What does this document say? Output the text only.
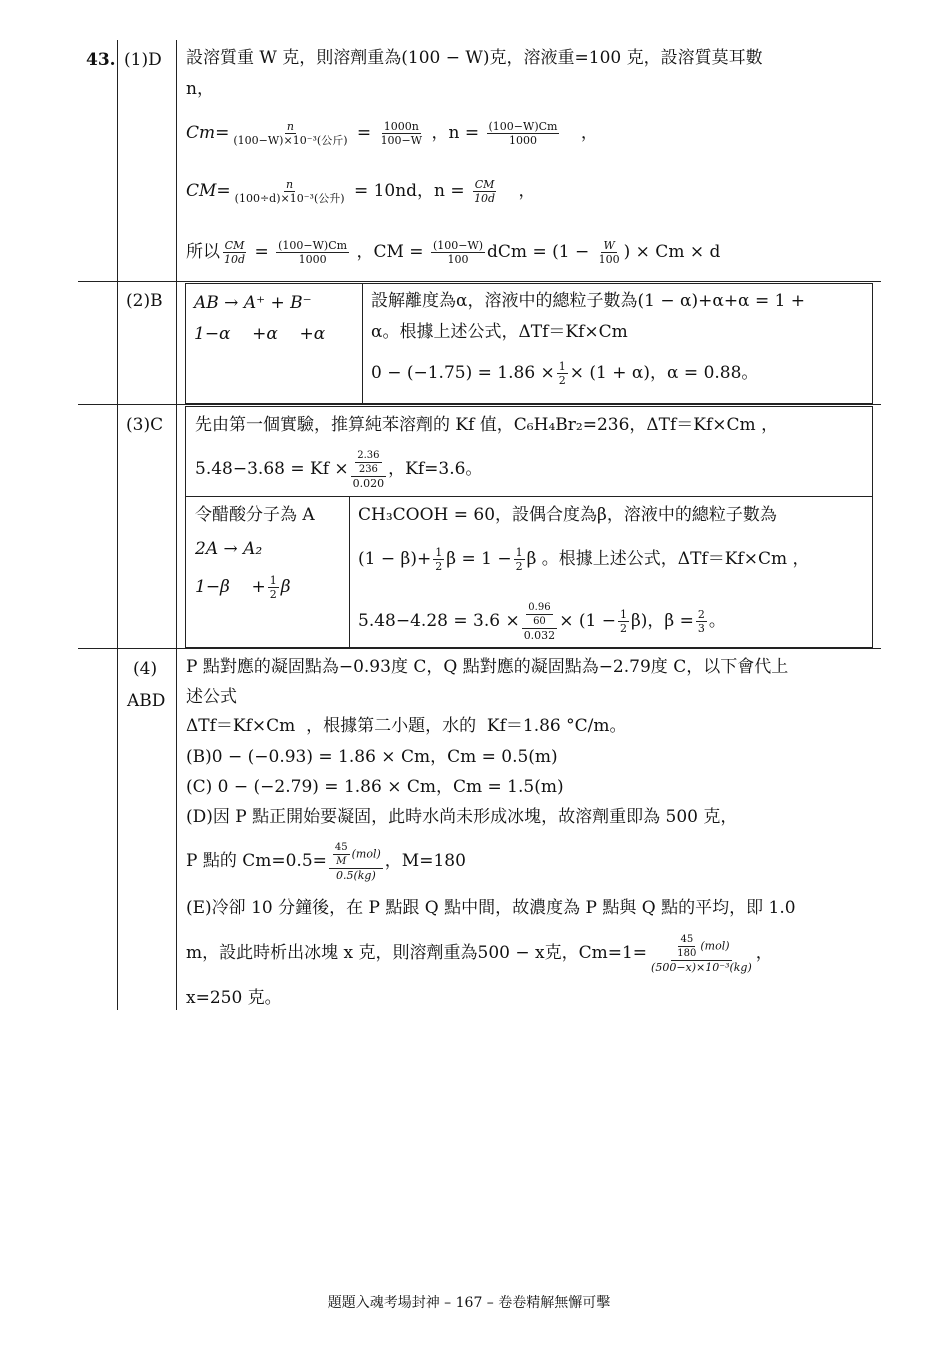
43. (1)D 設溶質重 W 克，則溶劑重為(100 − W)克，溶液重=100 克，設溶質莫耳數
n，
$Cm= \frac{n}{\text{(100−W)×10⁻³(公斤)}} = \frac{1000n}{100-W}$ ，$n = \frac{(100-W)Cm}{1000}$ ，
$CM= \frac{n}{\text{(100÷d)×10⁻³(公升)}} = 10nd$，$n = \frac{CM}{10d}$ ，
所以 $\frac{CM}{10d} = \frac{(100-W)Cm}{1000}$ ，CM = $\frac{(100-W)}{100}$ dCm = ($1 - \frac{W}{100}$ ) × Cm × d
(2)B AB → A⁺ + B⁻
1−α    +α    +α
設解離度為α，溶液中的總粒子數為(1 − α)+α+α = 1 +
α。根據上述公式，ΔTf＝Kf×Cm
$0 - (-1.75) = 1.86 \times \frac{1}{2} \times (1 + \alpha)$，α = 0.88。
(3)C 先由第一個實驗，推算純苯溶劑的 Kf 值，C₆H₄Br₂=236，ΔTf＝Kf×Cm ，
$5.48-3.68 = Kf \times \frac{\frac{2.36}{236}}{0.020}$ ，Kf=3.6。
令醋酸分子為 A
2A → A₂
1−β    + $\frac{1}{2}$ β
CH₃COOH = 60，設偶合度為β，溶液中的總粒子數為
$(1 - \beta)+ \frac{1}{2}$ $\beta = 1 - \frac{1}{2}$ β 。根據上述公式，ΔTf＝Kf×Cm ，
$5.48-4.28 = 3.6 \times \frac{\frac{0.96}{60}}{0.032} \times (1 - \frac{1}{2} \beta)$，$\beta = \frac{2}{3}$ 。
(4)
ABD
P 點對應的凝固點為−0.93度 C，Q 點對應的凝固點為−2.79度 C，以下會代上
述公式
ΔTf＝Kf×Cm  ，根據第二小題，水的  Kf＝1.86 °C/m。
(B)0 − (−0.93) = 1.86 × Cm，Cm = 0.5(m)
(C) 0 − (−2.79) = 1.86 × Cm，Cm = 1.5(m)
(D)因 P 點正開始要凝固，此時水尚未形成冰塊，故溶劑重即為 500 克，
P 點的 $Cm=0.5= \frac{\frac{45}{M} (mol)}{0.5(kg)}$ ，M=180
(E)冷卻 10 分鐘後，在 P 點跟 Q 點中間，故濃度為 P 點與 Q 點的平均，即 1.0
m，設此時析出冰塊 x 克，則溶劑重為500 − x克，$Cm=1= \frac{\frac{45}{180} (mol)}{\text{(500−x)×10⁻³(kg)}}$ ，
x=250 克。
題題入魂考場封神 – 167 – 卷卷精解無懈可擊
